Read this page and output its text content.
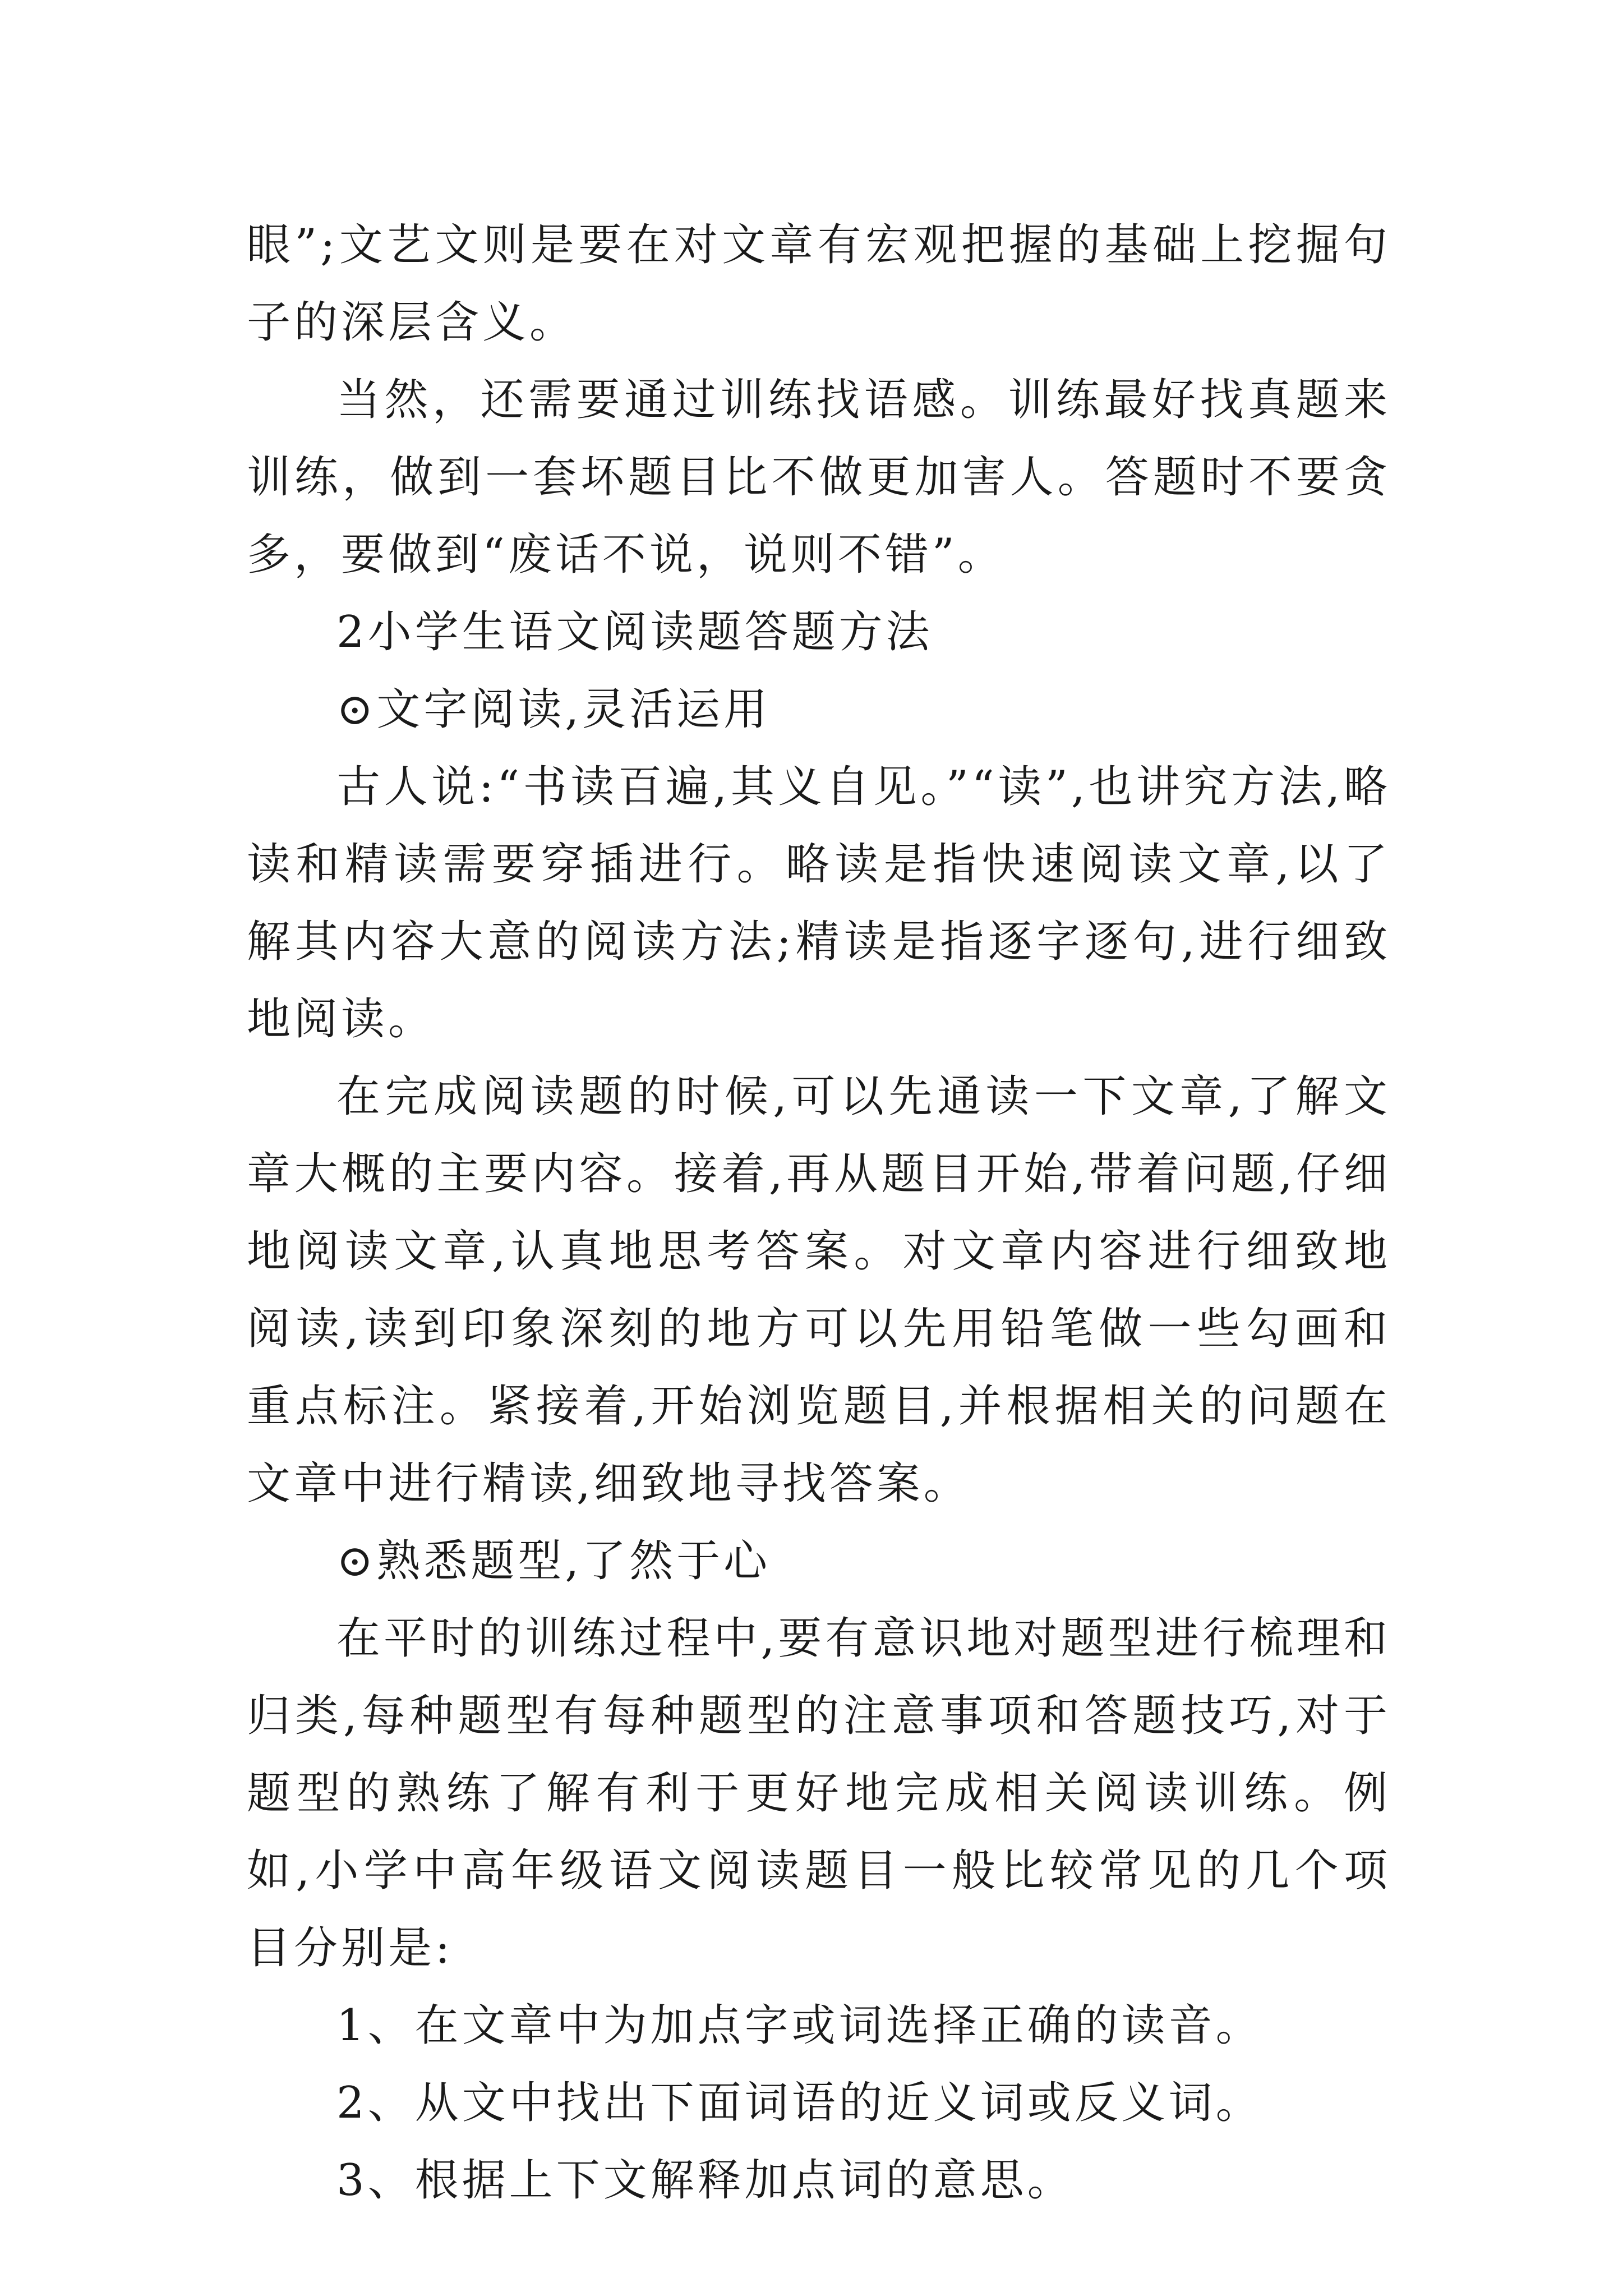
眼”;文艺文则是要在对文章有宏观把握的基础上挖掘句子的深层含义。

当然，还需要通过训练找语感。训练最好找真题来训练，做到一套坏题目比不做更加害人。答题时不要贪多，要做到“废话不说，说则不错”。

2小学生语文阅读题答题方法

⊙文字阅读,灵活运用

古人说:“书读百遍,其义自见。”“读”,也讲究方法,略读和精读需要穿插进行。略读是指快速阅读文章,以了解其内容大意的阅读方法;精读是指逐字逐句,进行细致地阅读。

在完成阅读题的时候,可以先通读一下文章,了解文章大概的主要内容。接着,再从题目开始,带着问题,仔细地阅读文章,认真地思考答案。对文章内容进行细致地阅读,读到印象深刻的地方可以先用铅笔做一些勾画和重点标注。紧接着,开始浏览题目,并根据相关的问题在文章中进行精读,细致地寻找答案。

⊙熟悉题型,了然于心

在平时的训练过程中,要有意识地对题型进行梳理和归类,每种题型有每种题型的注意事项和答题技巧,对于题型的熟练了解有利于更好地完成相关阅读训练。例如,小学中高年级语文阅读题目一般比较常见的几个项目分别是:

1、在文章中为加点字或词选择正确的读音。

2、从文中找出下面词语的近义词或反义词。

3、根据上下文解释加点词的意思。
